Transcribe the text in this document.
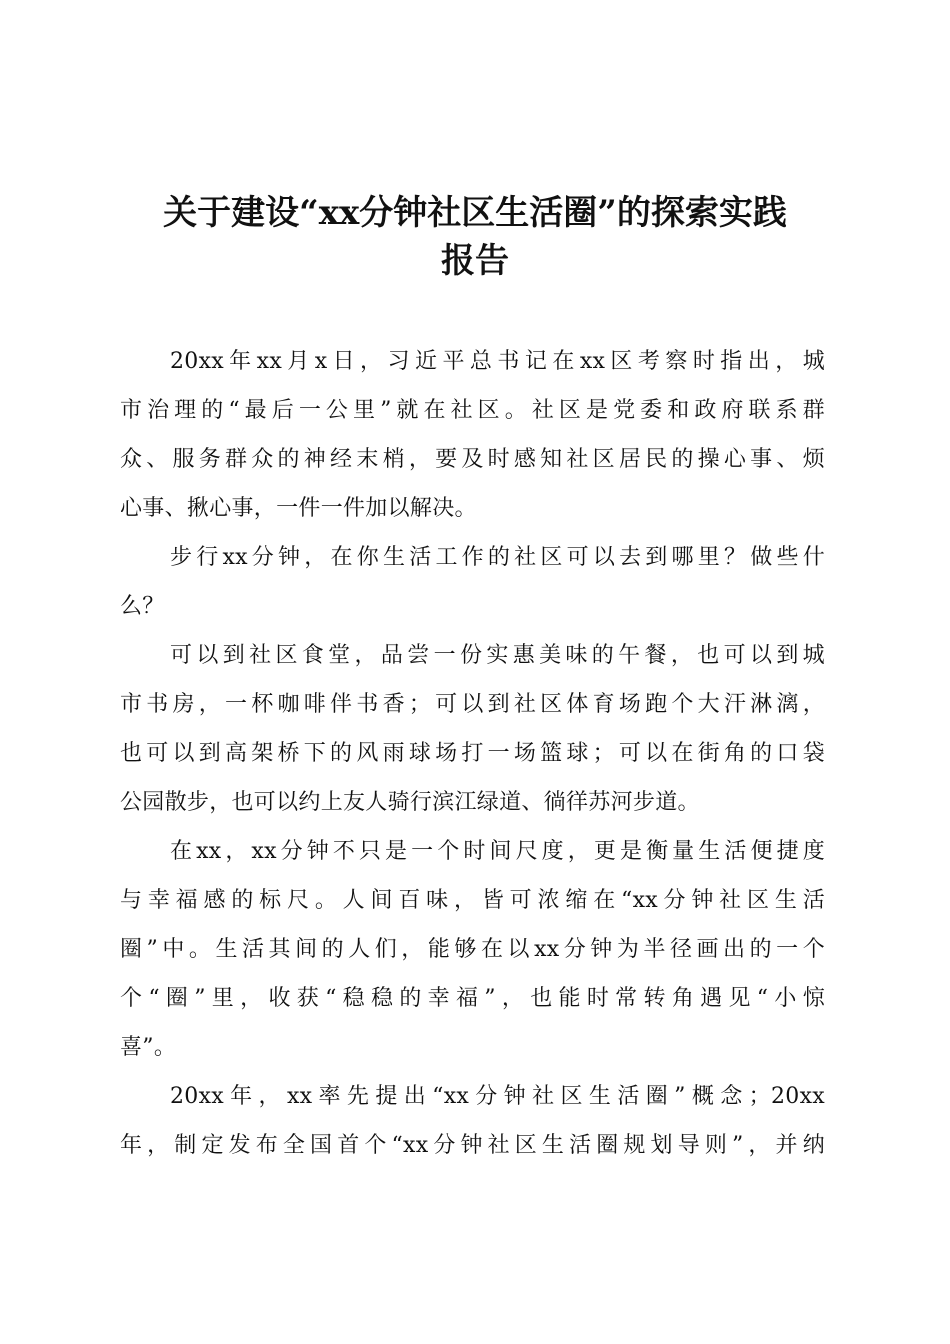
关于建设“xx分钟社区生活圈”的探索实践
报告
20xx年xx月x日，习近平总书记在xx区考察时指出，城
市治理的“最后一公里”就在社区。社区是党委和政府联系群
众、服务群众的神经末梢，要及时感知社区居民的操心事、烦
心事、揪心事，一件一件加以解决。
步行xx分钟，在你生活工作的社区可以去到哪里？做些什
么？
可以到社区食堂，品尝一份实惠美味的午餐，也可以到城
市书房，一杯咖啡伴书香；可以到社区体育场跑个大汗淋漓，
也可以到高架桥下的风雨球场打一场篮球；可以在街角的口袋
公园散步，也可以约上友人骑行滨江绿道、徜徉苏河步道。
在xx，xx分钟不只是一个时间尺度，更是衡量生活便捷度
与幸福感的标尺。人间百味，皆可浓缩在“xx分钟社区生活
圈”中。生活其间的人们，能够在以xx分钟为半径画出的一个
个“圈”里，收获“稳稳的幸福”，也能时常转角遇见“小惊
喜”。
20xx年，xx率先提出“xx分钟社区生活圈”概念；20xx
年，制定发布全国首个“xx分钟社区生活圈规划导则”，并纳
